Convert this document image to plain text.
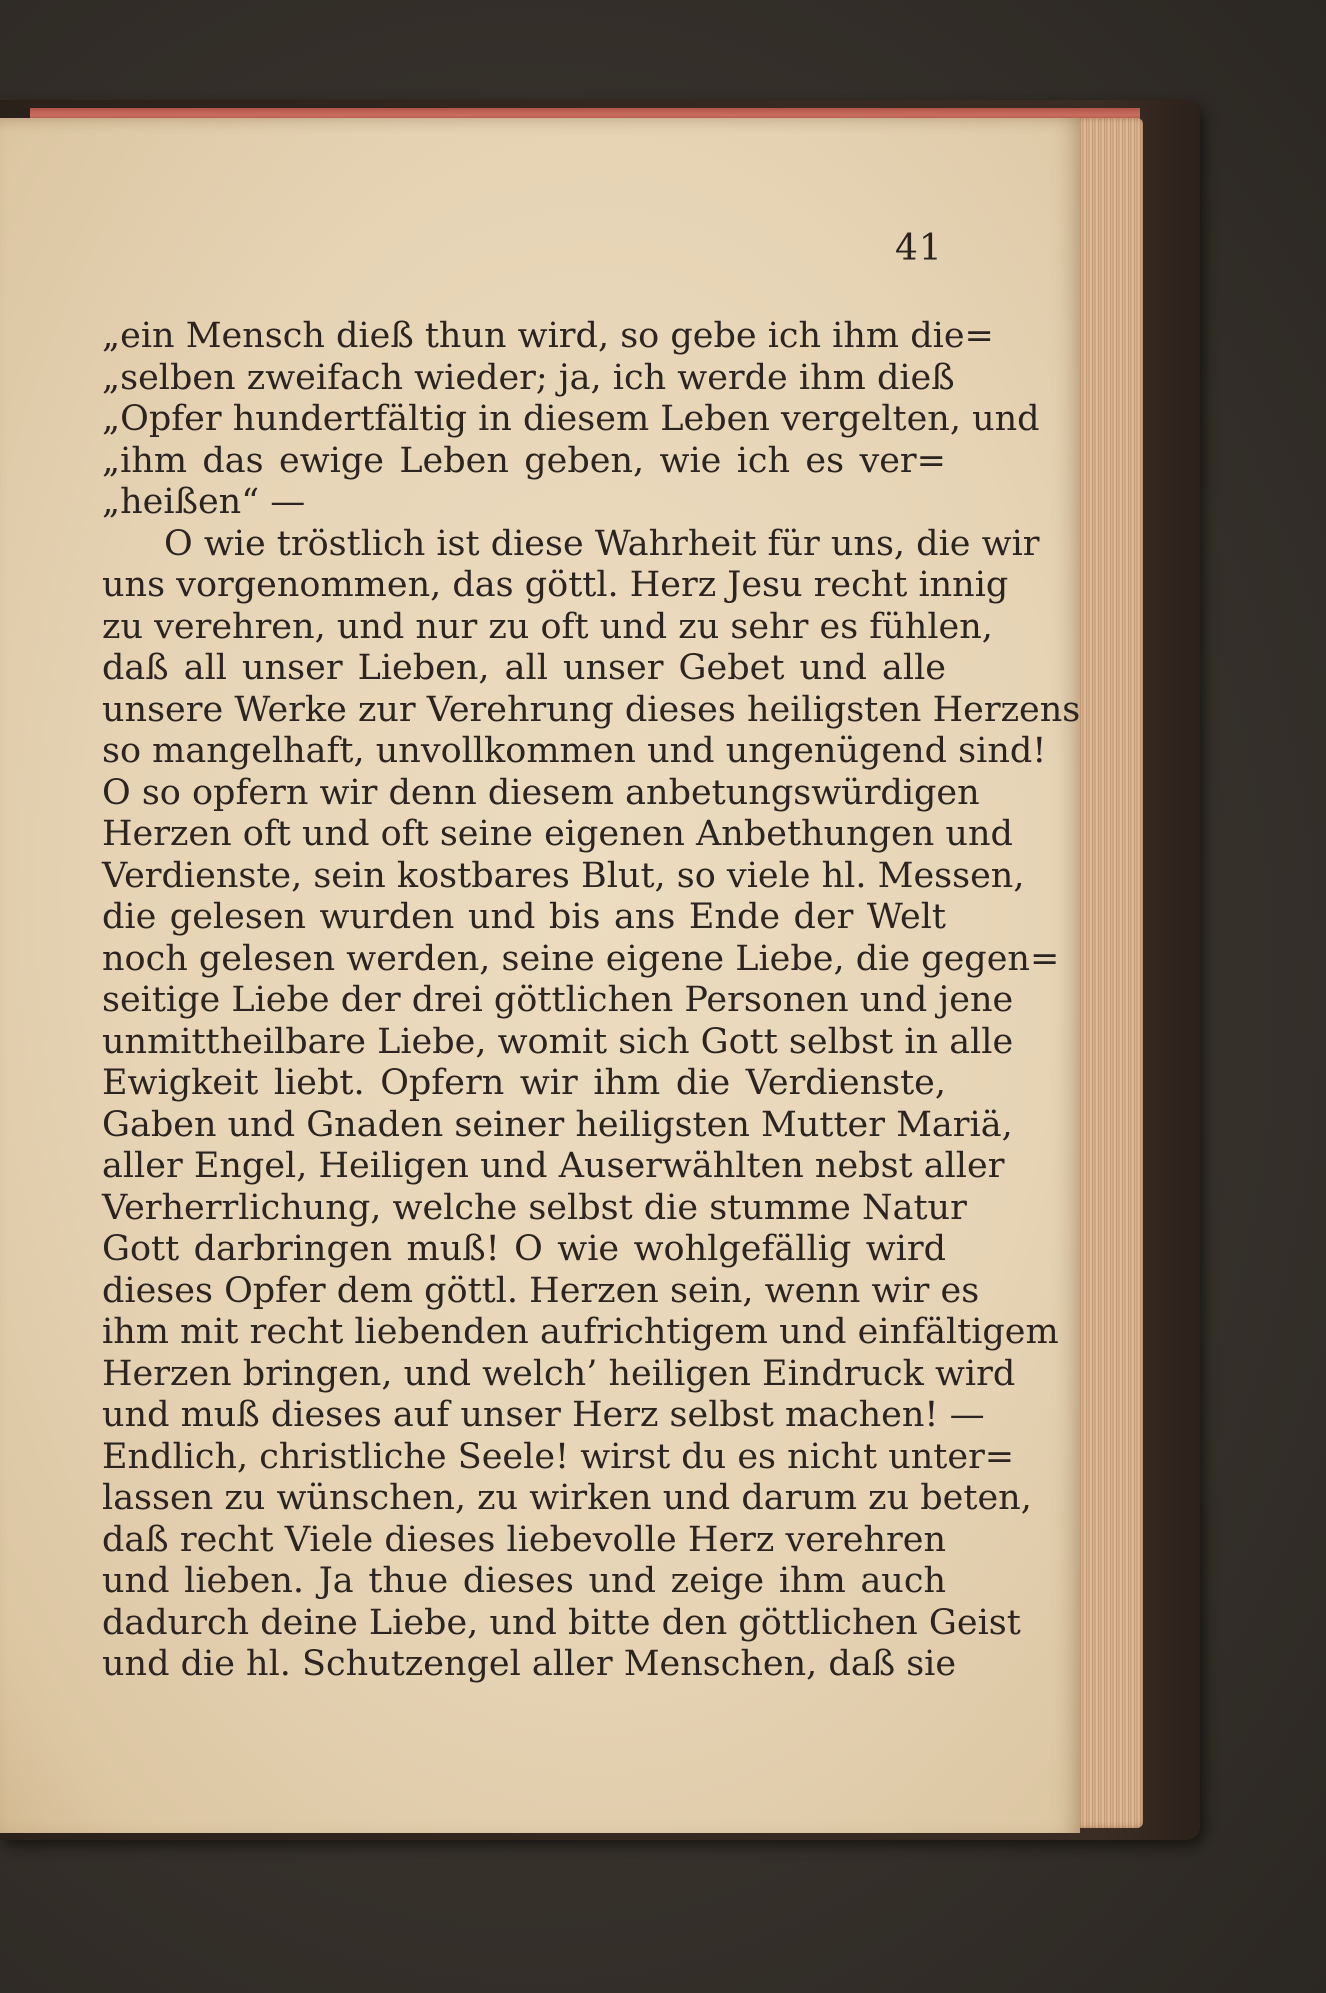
41
„ein Mensch dieß thun wird, so gebe ich ihm die=
„selben zweifach wieder; ja, ich werde ihm dieß
„Opfer hundertfältig in diesem Leben vergelten, und
„ihm das ewige Leben geben, wie ich es ver=
„heißen“ —
O wie tröstlich ist diese Wahrheit für uns, die wir
uns vorgenommen, das göttl. Herz Jesu recht innig
zu verehren, und nur zu oft und zu sehr es fühlen,
daß all unser Lieben, all unser Gebet und alle
unsere Werke zur Verehrung dieses heiligsten Herzens
so mangelhaft, unvollkommen und ungenügend sind!
O so opfern wir denn diesem anbetungswürdigen
Herzen oft und oft seine eigenen Anbethungen und
Verdienste, sein kostbares Blut, so viele hl. Messen,
die gelesen wurden und bis ans Ende der Welt
noch gelesen werden, seine eigene Liebe, die gegen=
seitige Liebe der drei göttlichen Personen und jene
unmittheilbare Liebe, womit sich Gott selbst in alle
Ewigkeit liebt. Opfern wir ihm die Verdienste,
Gaben und Gnaden seiner heiligsten Mutter Mariä,
aller Engel, Heiligen und Auserwählten nebst aller
Verherrlichung, welche selbst die stumme Natur
Gott darbringen muß! O wie wohlgefällig wird
dieses Opfer dem göttl. Herzen sein, wenn wir es
ihm mit recht liebenden aufrichtigem und einfältigem
Herzen bringen, und welch’ heiligen Eindruck wird
und muß dieses auf unser Herz selbst machen! —
Endlich, christliche Seele! wirst du es nicht unter=
lassen zu wünschen, zu wirken und darum zu beten,
daß recht Viele dieses liebevolle Herz verehren
und lieben. Ja thue dieses und zeige ihm auch
dadurch deine Liebe, und bitte den göttlichen Geist
und die hl. Schutzengel aller Menschen, daß sie
